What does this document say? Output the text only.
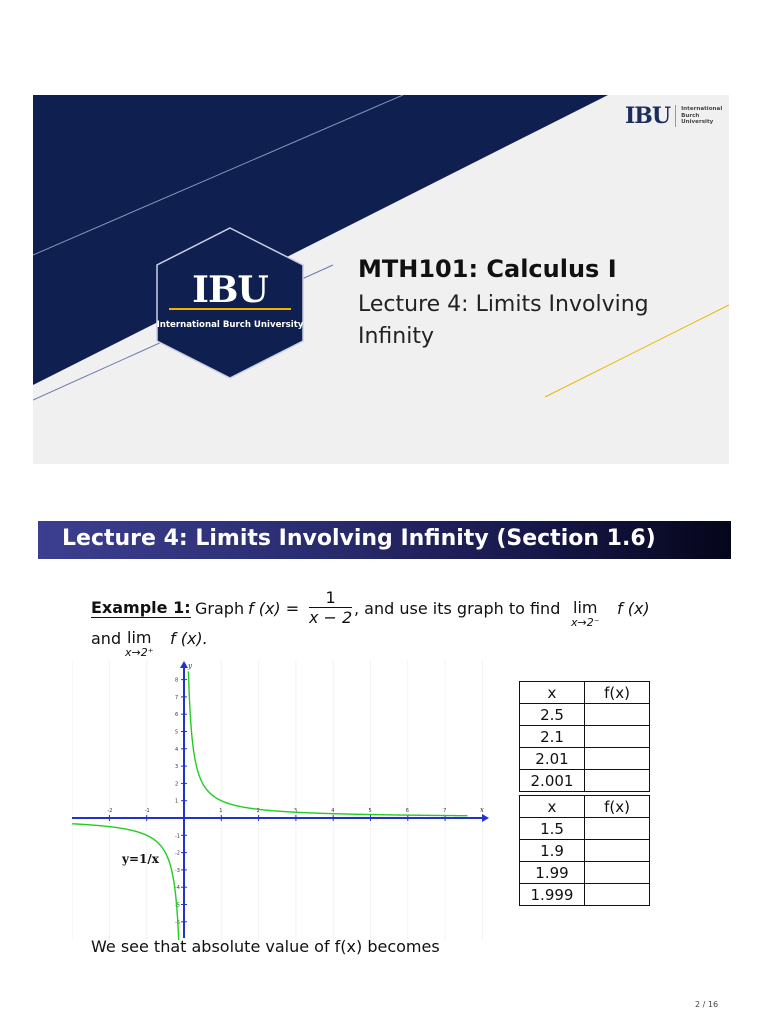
IBU International
Burch
University
IBU
International Burch University

MTH101: Calculus I

Lecture 4: Limits Involving
Infinity

Lecture 4: Limits Involving Infinity (Section 1.6)
Example 1: Graph f $(x) = \frac{1}{x - 2}$ , and use its graph to find lim
x→2⁻
f (x)
and lim
x→2⁺
f (x).
-2	-1	1	2	3	4	5	6	7
8
7
6
5
4
3
2
1
-1
-2
-3
-4
-5
-6
x
y
y=1/x
x	f(x)
2.5	
2.1	
2.01	
2.001	
x	f(x)
1.5	
1.9	
1.99	
1.999	
We see that absolute value of f(x) becomes
2 / 16
